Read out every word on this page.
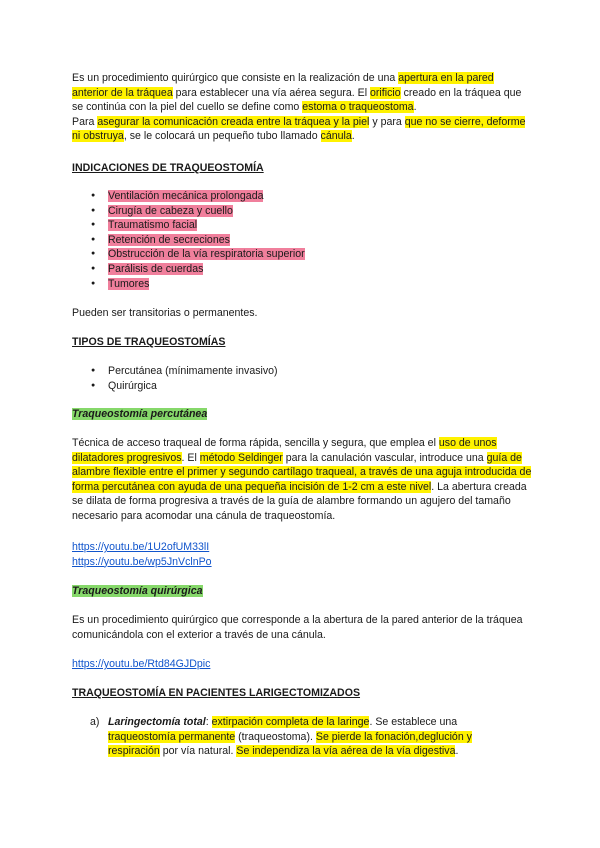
Es un procedimiento quirúrgico que consiste en la realización de una apertura en la pared anterior de la tráquea para establecer una vía aérea segura. El orificio creado en la tráquea que se continúa con la piel del cuello se define como estoma o traqueostoma.

Para asegurar la comunicación creada entre la tráquea y la piel y para que no se cierre, deforme ni obstruya, se le colocará un pequeño tubo llamado cánula.

INDICACIONES DE TRAQUEOSTOMÍA
● Ventilación mecánica prolongada
● Cirugía de cabeza y cuello
● Traumatismo facial
● Retención de secreciones
● Obstrucción de la vía respiratoria superior
● Parálisis de cuerdas
● Tumores

Pueden ser transitorias o permanentes.

TIPOS DE TRAQUEOSTOMÍAS
● Percutánea (mínimamente invasivo)
● Quirúrgica
Traqueostomía percutánea

Técnica de acceso traqueal de forma rápida, sencilla y segura, que emplea el uso de unos dilatadores progresivos. El método Seldinger para la canulación vascular, introduce una guía de alambre flexible entre el primer y segundo cartílago traqueal, a través de una aguja introducida de forma percutánea con ayuda de una pequeña incisión de 1-2 cm a este nivel. La abertura creada se dilata de forma progresiva a través de la guía de alambre formando un agujero del tamaño necesario para acomodar una cánula de traqueostomía.

https://youtu.be/1U2ofUM33lI
https://youtu.be/wp5JnVclnPo
Traqueostomía quirúrgica

Es un procedimiento quirúrgico que corresponde a la abertura de la pared anterior de la tráquea comunicándola con el exterior a través de una cánula.

https://youtu.be/Rtd84GJDpic
TRAQUEOSTOMÍA EN PACIENTES LARIGECTOMIZADOS
a) Laringectomía total: extirpación completa de la laringe. Se establece una traqueostomía permanente (traqueostoma). Se pierde la fonación,deglución y respiración por vía natural. Se independiza la vía aérea de la vía digestiva.
